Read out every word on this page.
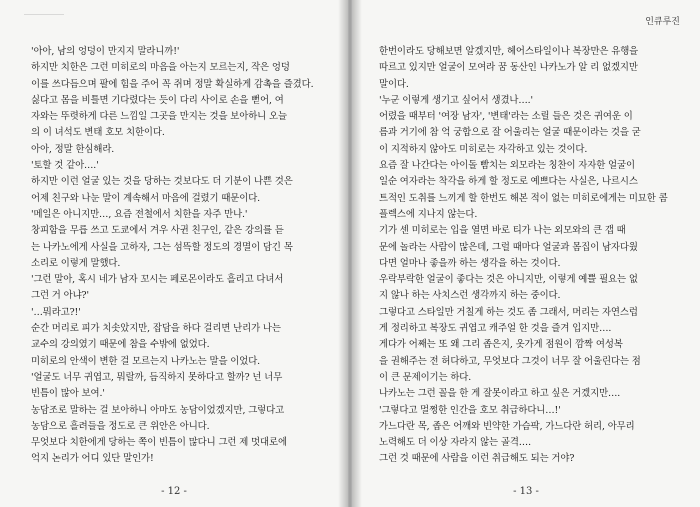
'아아, 남의 엉덩이 만지지 말라니까!'

하지만 치한은 그런 미히로의 마음을 아는지 모르는지, 작은 엉덩

이를 쓰다듬으며 팔에 힘을 주어 꼭 쥐며 정말 확실하게 감촉을 즐겼다.

싫다고 몸을 비틀면 기다렸다는 듯이 다리 사이로 손을 뻗어, 여

자와는 뚜렷하게 다른 느낌일 그곳을 만지는 것을 보아하니 오늘

의 이 녀석도 변태 호모 치한이다.

아아, 정말 한심해라.

'토할 것 같아….'

하지만 이런 얼굴 있는 것을 당하는 것보다도 더 기분이 나쁜 것은

어제 친구와 나눈 말이 계속해서 마음에 걸렸기 때문이다.

'메일은 아니지만…, 요즘 전철에서 치한을 자주 만나.'

창피함을 무릅 쓰고 도쿄에서 겨우 사귄 친구인, 같은 강의를 듣

는 나카노에게 사실을 고하자, 그는 섬뜩할 정도의 경멸이 담긴 목

소리로 이렇게 말했다.

'그런 말아, 혹시 네가 남자 꼬시는 페로몬이라도 흘리고 다녀서

그런 거 아냐?'

'…뭐라고?!'

순간 머리로 피가 치솟았지만, 잡담을 하다 걸리면 난리가 나는

교수의 강의였기 때문에 참을 수밖에 없었다.

미히로의 안색이 변한 걸 모르는지 나카노는 말을 이었다.

'얼굴도 너무 귀엽고, 뭐랄까, 듬직하지 못하다고 할까? 넌 너무

빈틈이 많아 보여.'

농담조로 말하는 걸 보아하니 아마도 농담이었겠지만, 그렇다고

농담으로 흘려들을 정도로 큰 위안은 아니다.

무엇보다 치한에게 당하는 쪽이 빈틈이 많다니 그런 제 멋대로에

억지 논리가 어디 있단 말인가!

- 12 -
인큐루진

한번이라도 당해보면 알겠지만, 헤어스타일이나 복장만은 유행을

따르고 있지만 얼굴이 모여라 꿈 동산인 나카노가 알 리 없겠지만

말이다.

'누군 이렇게 생기고 싶어서 생겼나….'

어렸을 때부터 '여장 남자', '변태'라는 소릴 들은 것은 귀여운 이

름과 거기에 참 억 궁합으로 잘 어울리는 얼굴 때문이라는 것을 굳

이 지적하지 않아도 미히로는 자각하고 있는 것이다.

요즘 잘 나간다는 아이돌 빰치는 외모라는 칭찬이 자자한 얼굴이

일순 여자라는 착각을 하게 할 정도로 예쁘다는 사실은, 나르시스

트적인 도취를 느끼게 할 한번도 해본 적이 없는 미히로에게는 미묘한 콤

플렉스에 지나지 않는다.

기가 센 미히로는 입을 열면 바로 티가 나는 외모와의 큰 갭 때

문에 놀라는 사람이 많은데, 그럴 때마다 얼굴과 몸집이 남자다웠

다면 얼마나 좋을까 하는 생각을 하는 것이다.

우락부락한 얼굴이 좋다는 것은 아니지만, 이렇게 예쁠 필요는 없

지 않나 하는 사치스런 생각까지 하는 중이다.

그렇다고 스타일만 거칠게 하는 것도 좀 그래서, 머리는 자연스럽

게 정리하고 복장도 귀엽고 캐주얼 한 것을 즐겨 입지만….

게다가 어째는 또 왜 그리 좁은지, 옷가게 점원이 깜짝 여성복

을 권해주는 전 허다하고, 무엇보다 그것이 너무 잘 어울린다는 점

이 큰 문제이기는 하다.

나카노는 그런 꼴을 한 게 잘못이라고 하고 싶은 거겠지만….

'그렇다고 멀쩡한 인간을 호모 취급하다니…!'

가느다란 목, 좁은 어깨와 빈약한 가슴팍, 가느다란 허리, 아무리

노력해도 더 이상 자라지 않는 골격….

그런 것 때문에 사람을 이런 취급해도 되는 거야?

- 13 -
